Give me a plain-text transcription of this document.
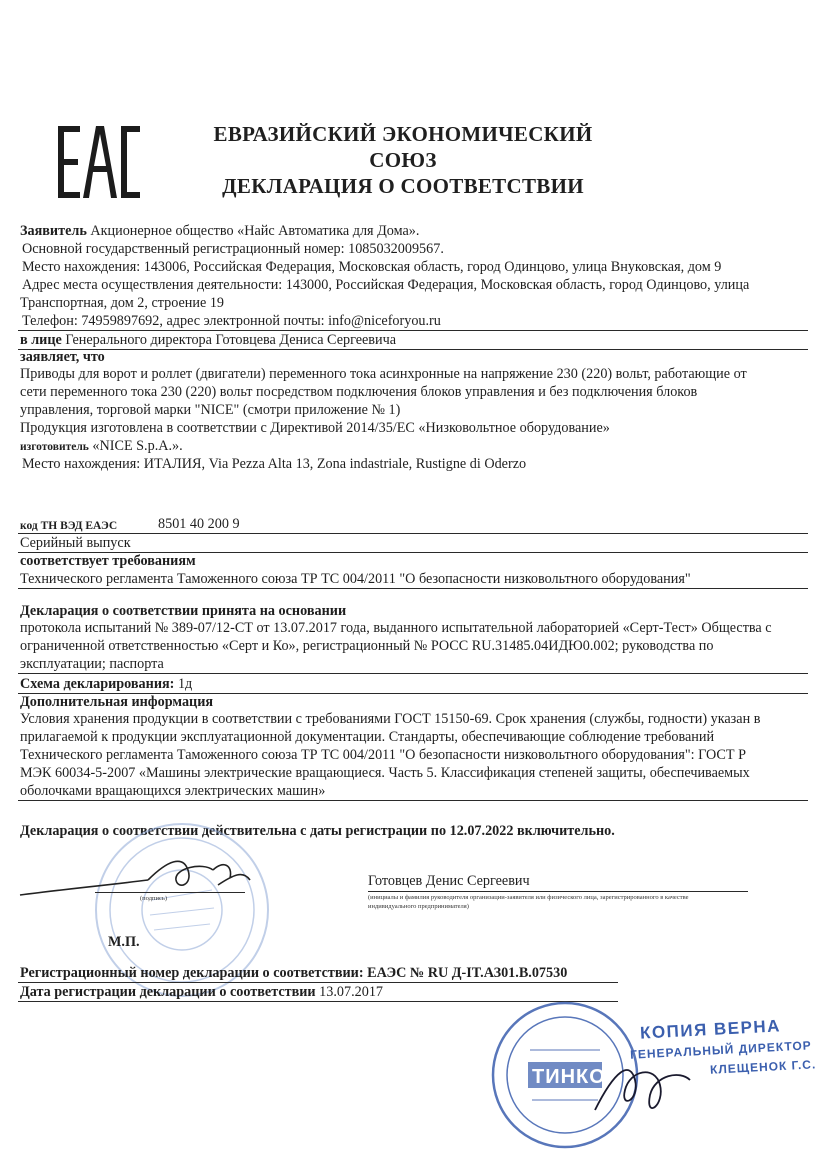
ЕВРАЗИЙСКИЙ ЭКОНОМИЧЕСКИЙ
СОЮЗ
ДЕКЛАРАЦИЯ О СООТВЕТСТВИИ
Заявитель Акционерное общество «Найс Автоматика для Дома».
Основной государственный регистрационный номер: 1085032009567.
Место нахождения: 143006, Российская Федерация, Московская область, город Одинцово, улица Внуковская, дом 9
Адрес места осуществления деятельности: 143000, Российская Федерация, Московская область, город Одинцово, улица
Транспортная, дом 2, строение 19
Телефон: 74959897692, адрес электронной почты: info@niceforyou.ru
в лице Генерального директора Готовцева Дениса Сергеевича
заявляет, что
Приводы для ворот и роллет (двигатели) переменного тока асинхронные на напряжение 230 (220) вольт, работающие от
сети переменного тока 230 (220) вольт посредством подключения блоков управления и без подключения блоков
управления, торговой марки "NICE" (смотри приложение № 1)
Продукция изготовлена в соответствии с Директивой 2014/35/ЕС «Низковольтное оборудование»
изготовитель «NICE S.p.A.».
Место нахождения: ИТАЛИЯ, Via Pezza Alta 13, Zona indastriale, Rustigne di Oderzo
код ТН ВЭД ЕАЭС	8501 40 200 9
Серийный выпуск
соответствует требованиям
Технического регламента Таможенного союза ТР ТС 004/2011 "О безопасности низковольтного оборудования"
Декларация о соответствии принята на основании
протокола испытаний № 389-07/12-СТ от 13.07.2017 года, выданного испытательной лабораторией «Серт-Тест» Общества с
ограниченной ответственностью «Серт и Ко», регистрационный № РОСС RU.31485.04ИДЮ0.002; руководства по
эксплуатации; паспорта
Схема декларирования: 1д
Дополнительная информация
Условия хранения продукции в соответствии с требованиями ГОСТ 15150-69. Срок хранения (службы, годности) указан в
прилагаемой к продукции эксплуатационной документации. Стандарты, обеспечивающие соблюдение требований
Технического регламента Таможенного союза ТР ТС 004/2011 "О безопасности низковольтного оборудования": ГОСТ Р
МЭК 60034-5-2007 «Машины электрические вращающиеся. Часть 5. Классификация степеней защиты, обеспечиваемых
оболочками вращающихся электрических машин»
Декларация о соответствии действительна с даты регистрации по 12.07.2022 включительно.
(подпись)
Готовцев Денис Сергеевич
(инициалы и фамилия руководителя организации-заявителя или физического лица, зарегистрированного в качестве
индивидуального предпринимателя)
М.П.
Регистрационный номер декларации о соответствии: ЕАЭС № RU Д-IT.АЗ01.В.07530
Дата регистрации декларации о соответствии 13.07.2017
ТИНКО
КОПИЯ ВЕРНА
ГЕНЕРАЛЬНЫЙ ДИРЕКТОР
КЛЕЩЕНОК Г.С.
